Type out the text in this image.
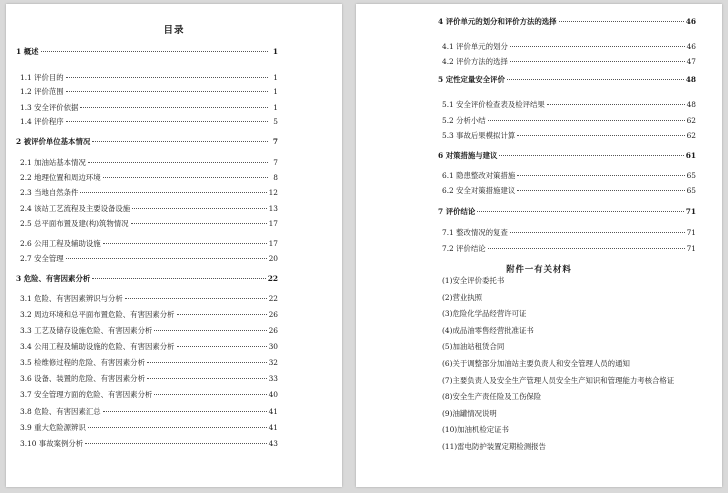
目录
1 概述	1
1.1 评价目的	1
1.2 评价范围	1
1.3 安全评价依据	1
1.4 评价程序	5
2 被评价单位基本情况	7
2.1 加油站基本情况	7
2.2 地理位置和周边环境	8
2.3 当地自然条件	12
2.4 该站工艺流程及主要设备设施	13
2.5 总平面布置及建(构)筑物情况	17
2.6 公用工程及辅助设施	17
2.7 安全管理	20
3 危险、有害因素分析	22
3.1 危险、有害因素辨识与分析	22
3.2 周边环境和总平面布置危险、有害因素分析	26
3.3 工艺及储存设施危险、有害因素分析	26
3.4 公用工程及辅助设施的危险、有害因素分析	30
3.5 检维修过程的危险、有害因素分析	32
3.6 设备、装置的危险、有害因素分析	33
3.7 安全管理方面的危险、有害因素分析	40
3.8 危险、有害因素汇总	41
3.9 重大危险源辨识	41
3.10 事故案例分析	43
4 评价单元的划分和评价方法的选择	46
4.1 评价单元的划分	46
4.2 评价方法的选择	47
5 定性定量安全评价	48
5.1 安全评价检查表及检评结果	48
5.2 分析小结	62
5.3 事故后果模拟计算	62
6 对策措施与建议	61
6.1 隐患整改对策措施	65
6.2 安全对策措施建议	65
7 评价结论	71
7.1 整改情况的复查	71
7.2 评价结论	71
附件一有关材料
(1)安全评价委托书
(2)营业执照
(3)危险化学品经营许可证
(4)成品油零售经营批准证书
(5)加油站租赁合同
(6)关于调整部分加油站主要负责人和安全管理人员的通知
(7)主要负责人及安全生产管理人员安全生产知识和管理能力考核合格证
(8)安全生产责任险及工伤保险
(9)油罐情况说明
(10)加油机检定证书
(11)雷电防护装置定期检测报告
